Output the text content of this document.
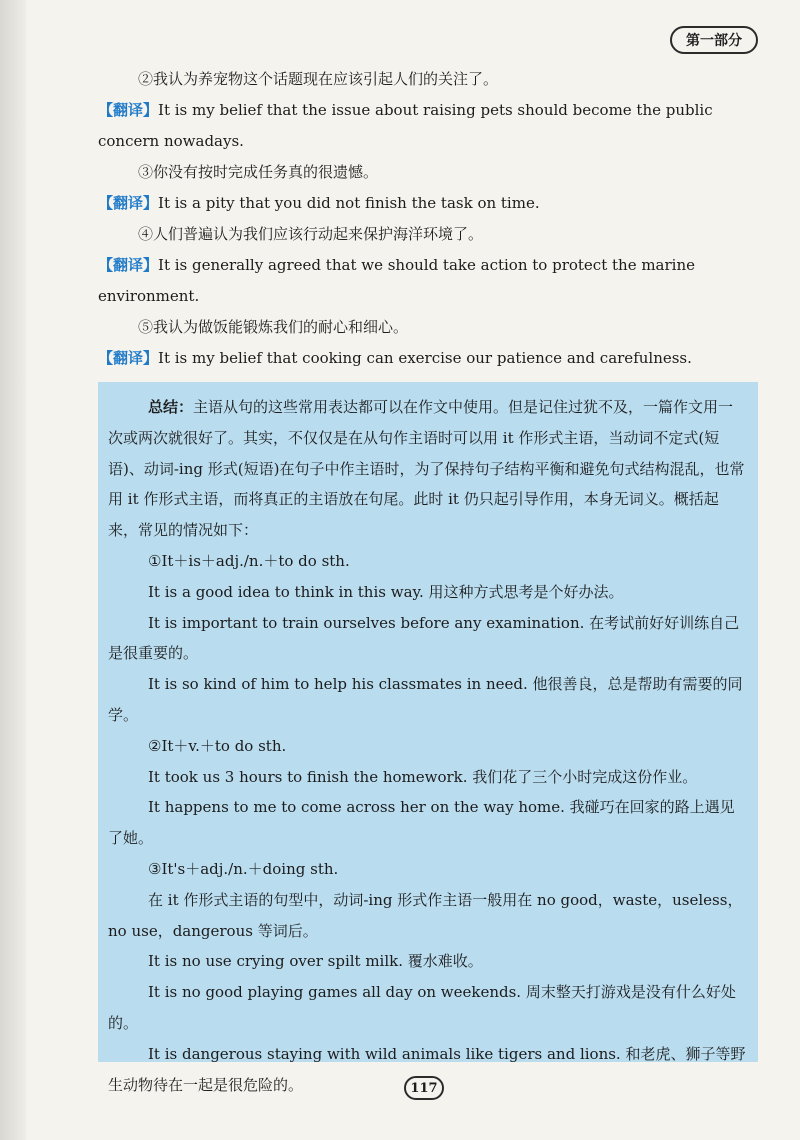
第一部分

②我认为养宠物这个话题现在应该引起人们的关注了。

【翻译】It is my belief that the issue about raising pets should become the public concern nowadays.

③你没有按时完成任务真的很遗憾。

【翻译】It is a pity that you did not finish the task on time.

④人们普遍认为我们应该行动起来保护海洋环境了。

【翻译】It is generally agreed that we should take action to protect the marine environment.

⑤我认为做饭能锻炼我们的耐心和细心。

【翻译】It is my belief that cooking can exercise our patience and carefulness.

总结：主语从句的这些常用表达都可以在作文中使用。但是记住过犹不及，一篇作文用一次或两次就很好了。其实，不仅仅是在从句作主语时可以用 it 作形式主语，当动词不定式(短语)、动词-ing 形式(短语)在句子中作主语时，为了保持句子结构平衡和避免句式结构混乱，也常用 it 作形式主语，而将真正的主语放在句尾。此时 it 仍只起引导作用，本身无词义。概括起来，常见的情况如下：

①It＋is＋adj./n.＋to do sth.

It is a good idea to think in this way. 用这种方式思考是个好办法。

It is important to train ourselves before any examination. 在考试前好好训练自己是很重要的。

It is so kind of him to help his classmates in need. 他很善良，总是帮助有需要的同学。

②It＋v.＋to do sth.

It took us 3 hours to finish the homework. 我们花了三个小时完成这份作业。

It happens to me to come across her on the way home. 我碰巧在回家的路上遇见了她。

③It's＋adj./n.＋doing sth.

在 it 作形式主语的句型中，动词-ing 形式作主语一般用在 no good，waste，useless，no use，dangerous 等词后。

It is no use crying over spilt milk. 覆水难收。

It is no good playing games all day on weekends. 周末整天打游戏是没有什么好处的。

It is dangerous staying with wild animals like tigers and lions. 和老虎、狮子等野生动物待在一起是很危险的。	117
